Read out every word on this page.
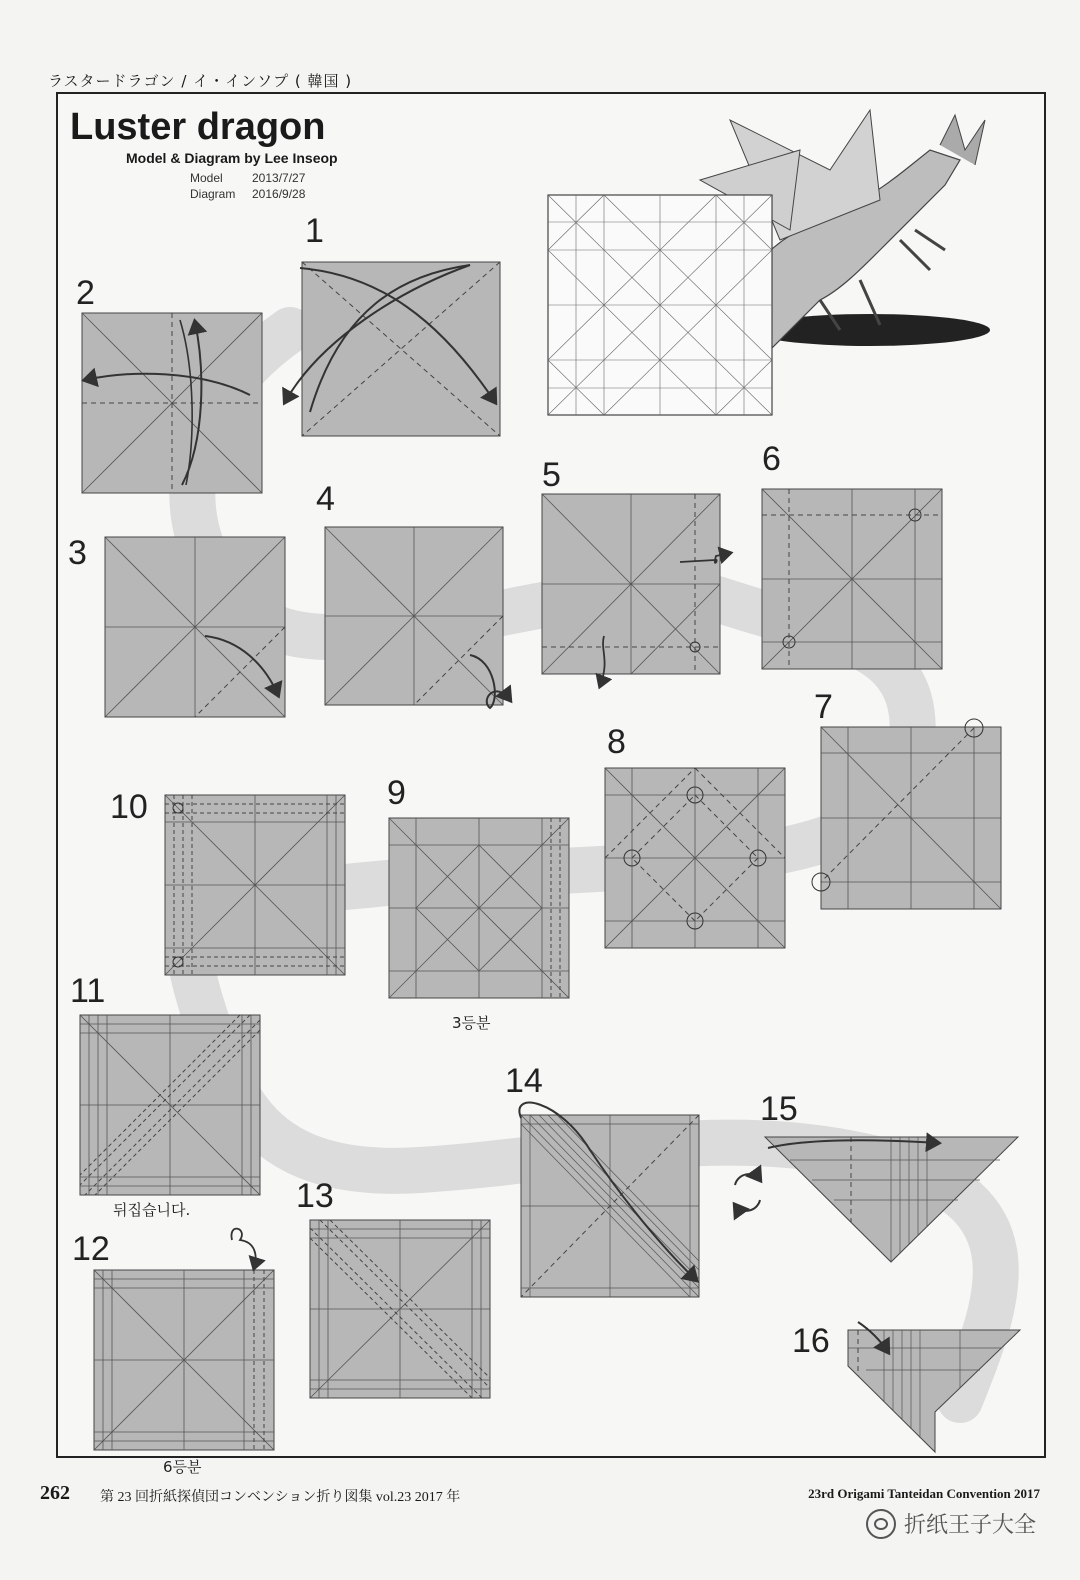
ラスタードラゴン / イ・インソプ ( 韓国 )
Luster dragon
Model & Diagram by Lee Inseop
Model 2013/7/27
Diagram 2016/9/28
1
2
3
4
5	6
7
8
9
10
11
12
13
14
15
16
3등분
뒤집습니다.
6등분
262 第 23 回折紙探偵団コンベンション折り図集 vol.23 2017 年	23rd Origami Tanteidan Convention 2017
折纸王子大全
